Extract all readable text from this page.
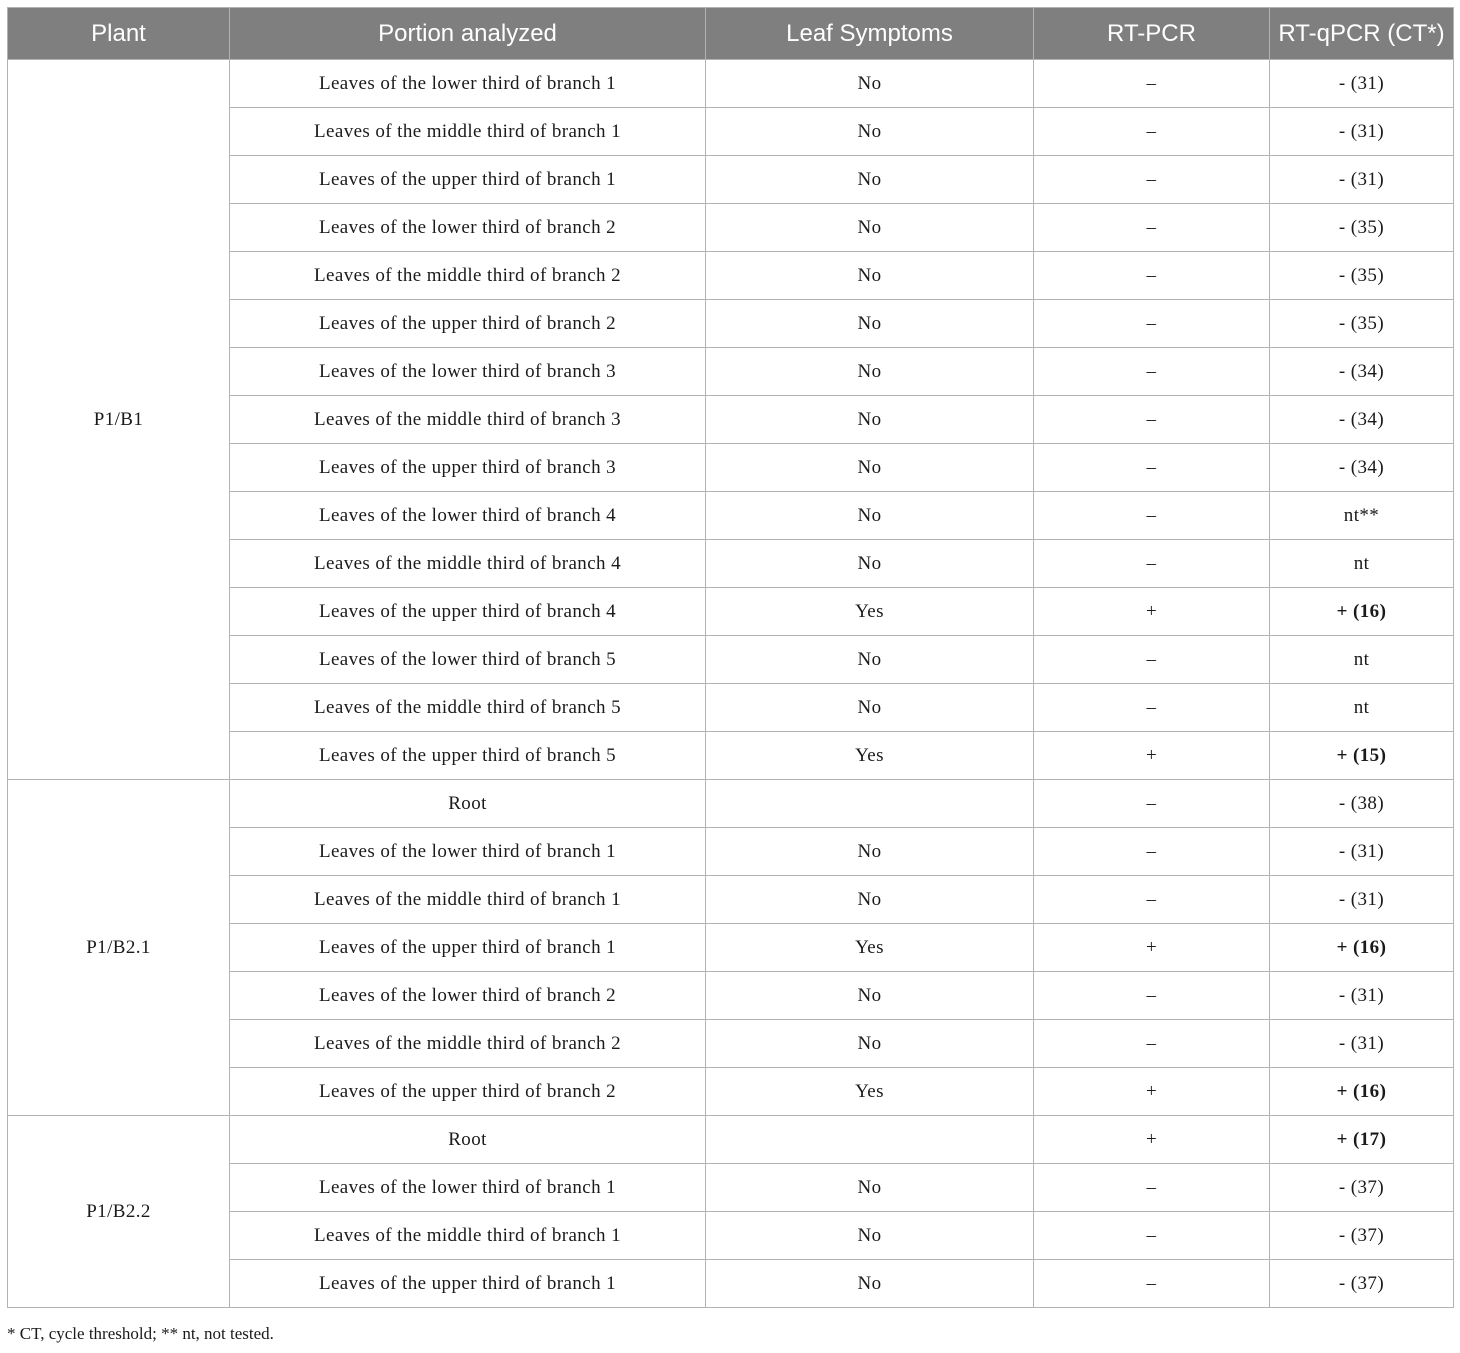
Plant	Portion analyzed	Leaf Symptoms	RT-PCR	RT-qPCR (CT*)
P1/B1	Leaves of the lower third of branch 1	No	–	- (31)
	Leaves of the middle third of branch 1	No	–	- (31)
	Leaves of the upper third of branch 1	No	–	- (31)
	Leaves of the lower third of branch 2	No	–	- (35)
	Leaves of the middle third of branch 2	No	–	- (35)
	Leaves of the upper third of branch 2	No	–	- (35)
	Leaves of the lower third of branch 3	No	–	- (34)
	Leaves of the middle third of branch 3	No	–	- (34)
	Leaves of the upper third of branch 3	No	–	- (34)
	Leaves of the lower third of branch 4	No	–	nt**
	Leaves of the middle third of branch 4	No	–	nt
	Leaves of the upper third of branch 4	Yes	+	+ (16)
	Leaves of the lower third of branch 5	No	–	nt
	Leaves of the middle third of branch 5	No	–	nt
	Leaves of the upper third of branch 5	Yes	+	+ (15)
P1/B2.1	Root		–	- (38)
	Leaves of the lower third of branch 1	No	–	- (31)
	Leaves of the middle third of branch 1	No	–	- (31)
	Leaves of the upper third of branch 1	Yes	+	+ (16)
	Leaves of the lower third of branch 2	No	–	- (31)
	Leaves of the middle third of branch 2	No	–	- (31)
	Leaves of the upper third of branch 2	Yes	+	+ (16)
P1/B2.2	Root		+	+ (17)
	Leaves of the lower third of branch 1	No	–	- (37)
	Leaves of the middle third of branch 1	No	–	- (37)
	Leaves of the upper third of branch 1	No	–	- (37)
* CT, cycle threshold; ** nt, not tested.
